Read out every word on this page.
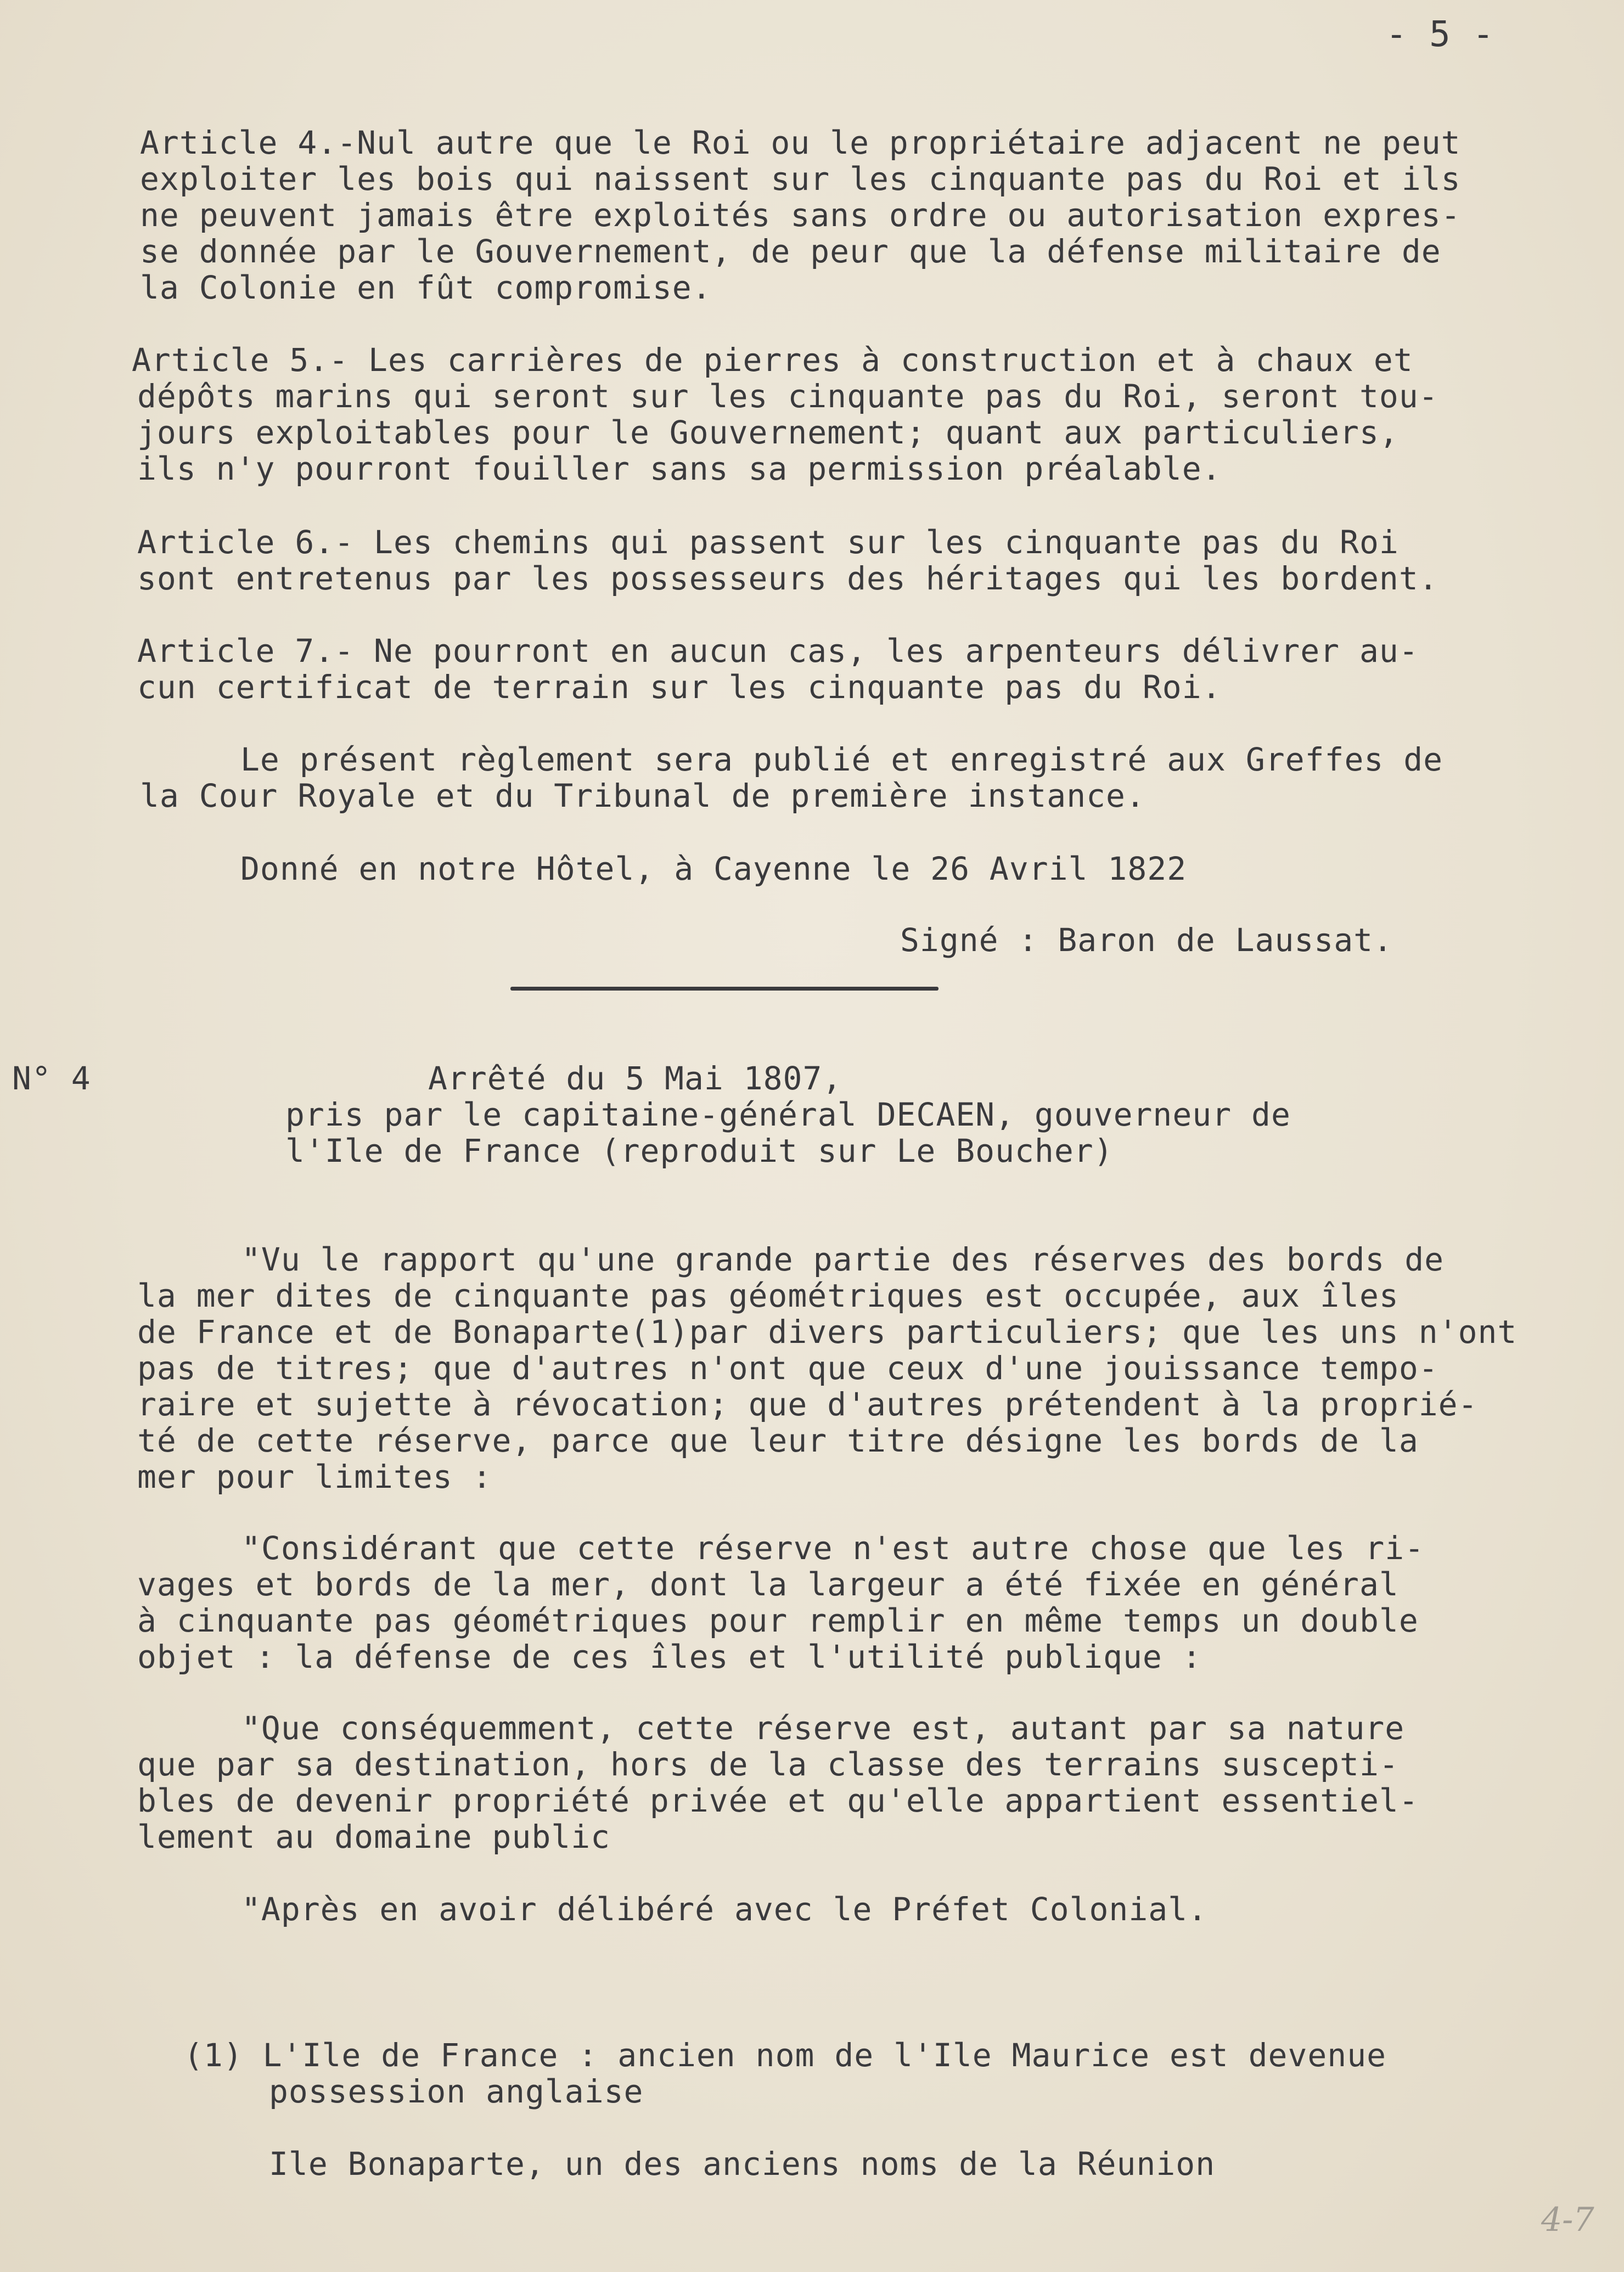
- 5 -
Article 4.-Nul autre que le Roi ou le propriétaire adjacent ne peut
exploiter les bois qui naissent sur les cinquante pas du Roi et ils
ne peuvent jamais être exploités sans ordre ou autorisation expres-
se donnée par le Gouvernement, de peur que la défense militaire de
la Colonie en fût compromise.
Article 5.- Les carrières de pierres à construction et à chaux et
dépôts marins qui seront sur les cinquante pas du Roi, seront tou-
jours exploitables pour le Gouvernement; quant aux particuliers,
ils n'y pourront fouiller sans sa permission préalable.
Article 6.- Les chemins qui passent sur les cinquante pas du Roi
sont entretenus par les possesseurs des héritages qui les bordent.
Article 7.- Ne pourront en aucun cas, les arpenteurs délivrer au-
cun certificat de terrain sur les cinquante pas du Roi.
Le présent règlement sera publié et enregistré aux Greffes de
la Cour Royale et du Tribunal de première instance.
Donné en notre Hôtel, à Cayenne le 26 Avril 1822
Signé : Baron de Laussat.
N° 4	Arrêté du 5 Mai 1807,
pris par le capitaine-général DECAEN, gouverneur de
l'Ile de France (reproduit sur Le Boucher)
"Vu le rapport qu'une grande partie des réserves des bords de
la mer dites de cinquante pas géométriques est occupée, aux îles
de France et de Bonaparte(1)par divers particuliers; que les uns n'ont
pas de titres; que d'autres n'ont que ceux d'une jouissance tempo-
raire et sujette à révocation; que d'autres prétendent à la proprié-
té de cette réserve, parce que leur titre désigne les bords de la
mer pour limites :
"Considérant que cette réserve n'est autre chose que les ri-
vages et bords de la mer, dont la largeur a été fixée en général
à cinquante pas géométriques pour remplir en même temps un double
objet : la défense de ces îles et l'utilité publique :
"Que conséquemment, cette réserve est, autant par sa nature
que par sa destination, hors de la classe des terrains suscepti-
bles de devenir propriété privée et qu'elle appartient essentiel-
lement au domaine public
"Après en avoir délibéré avec le Préfet Colonial.
(1) L'Ile de France : ancien nom de l'Ile Maurice est devenue
possession anglaise
Ile Bonaparte, un des anciens noms de la Réunion
4-7
